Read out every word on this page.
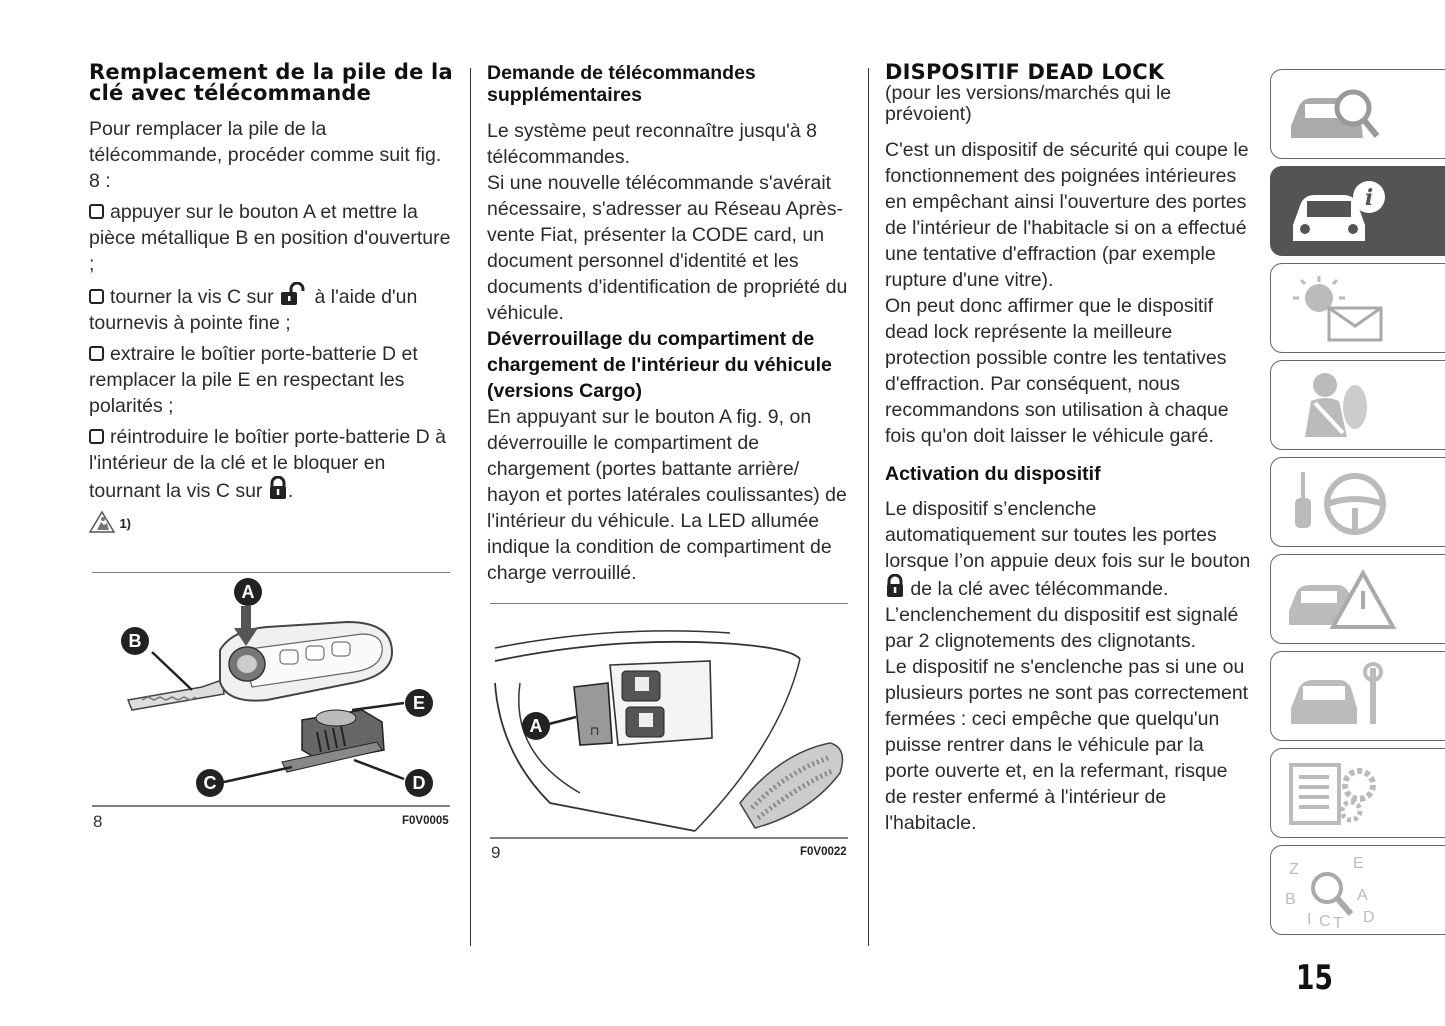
Remplacement de la pile de la clé avec télécommande

Pour remplacer la pile de la télécommande, procéder comme suit fig. 8 :

appuyer sur le bouton A et mettre la pièce métallique B en position d'ouverture ;

tourner la vis C sur à l'aide d'un tournevis à pointe fine ;

extraire le boîtier porte-batterie D et remplacer la pile E en respectant les polarités ;

réintroduire le boîtier porte-batterie D à l'intérieur de la clé et le bloquer en tournant la vis C sur .

1)
A
B
C	D
E
8	F0V0005
Demande de télécommandes supplémentaires

Le système peut reconnaître jusqu'à 8 télécommandes.

Si une nouvelle télécommande s'avérait nécessaire, s'adresser au Réseau Après-vente Fiat, présenter la CODE card, un document personnel d'identité et les documents d'identification de propriété du véhicule.

Déverrouillage du compartiment de chargement de l'intérieur du véhicule (versions Cargo)

En appuyant sur le bouton A fig. 9, on déverrouille le compartiment de chargement (portes battante arrière/ hayon et portes latérales coulissantes) de l'intérieur du véhicule. La LED allumée indique la condition de compartiment de charge verrouillé.

⊓
A
9	F0V0022
DISPOSITIF DEAD LOCK

(pour les versions/marchés qui le prévoient)

C'est un dispositif de sécurité qui coupe le fonctionnement des poignées intérieures en empêchant ainsi l'ouverture des portes de l'intérieur de l'habitacle si on a effectué une tentative d'effraction (par exemple rupture d'une vitre).

On peut donc affirmer que le dispositif dead lock représente la meilleure protection possible contre les tentatives d'effraction. Par conséquent, nous recommandons son utilisation à chaque fois qu'on doit laisser le véhicule garé.

Activation du dispositif

Le dispositif s’enclenche automatiquement sur toutes les portes lorsque l’on appuie deux fois sur le bouton  de la clé avec télécommande.

L’enclenchement du dispositif est signalé par 2 clignotements des clignotants.

Le dispositif ne s'enclenche pas si une ou plusieurs portes ne sont pas correctement fermées : ceci empêche que quelqu'un puisse rentrer dans le véhicule par la porte ouverte et, en la refermant, risque de rester enfermé à l'intérieur de l'habitacle.

i
Z	E
B	A
I C T D
15
